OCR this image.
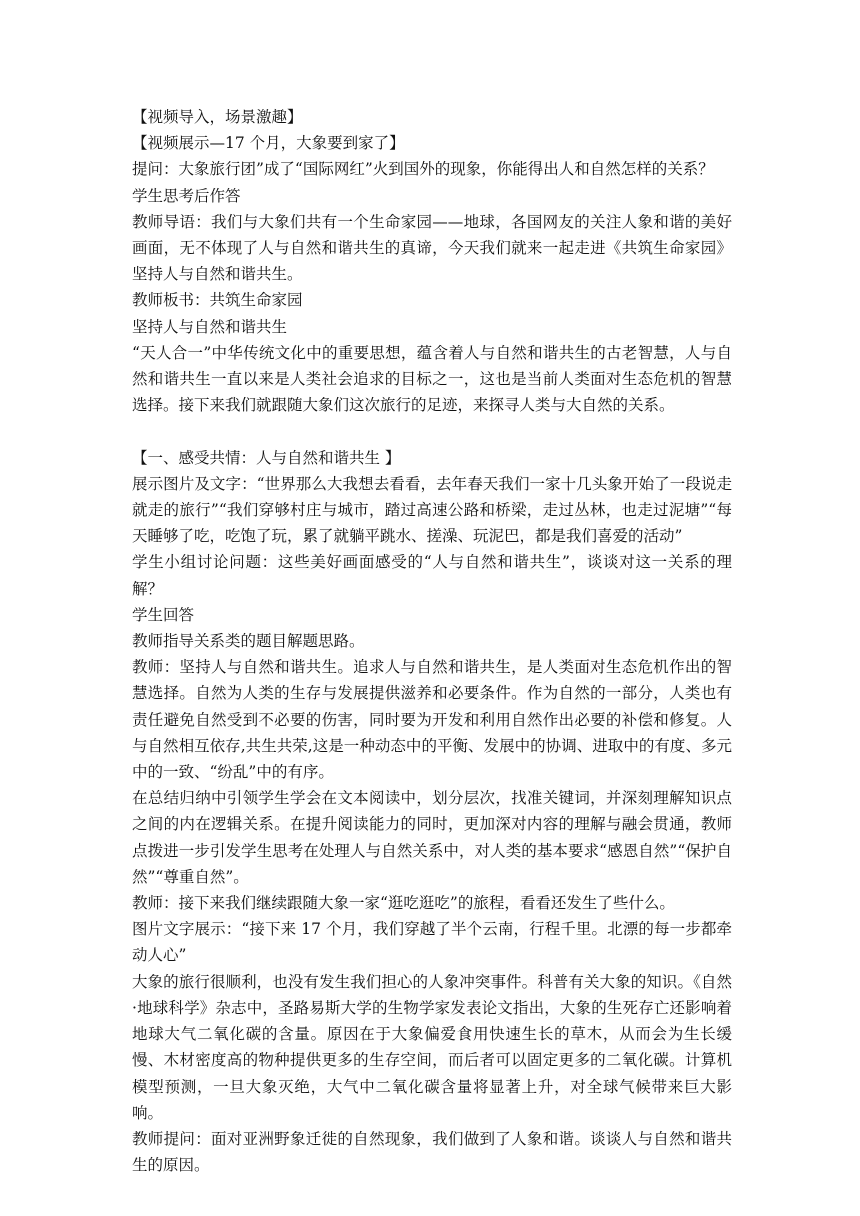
【视频导入，场景激趣】

【视频展示—17 个月，大象要到家了】

提问：大象旅行团”成了“国际网红”火到国外的现象，你能得出人和自然怎样的关系？

学生思考后作答

教师导语：我们与大象们共有一个生命家园——地球，各国网友的关注人象和谐的美好画面，无不体现了人与自然和谐共生的真谛，今天我们就来一起走进《共筑生命家园》坚持人与自然和谐共生。

教师板书：共筑生命家园

坚持人与自然和谐共生

“天人合一”中华传统文化中的重要思想，蕴含着人与自然和谐共生的古老智慧，人与自然和谐共生一直以来是人类社会追求的目标之一，这也是当前人类面对生态危机的智慧选择。接下来我们就跟随大象们这次旅行的足迹，来探寻人类与大自然的关系。

【一、感受共情：人与自然和谐共生 】

展示图片及文字：“世界那么大我想去看看，去年春天我们一家十几头象开始了一段说走就走的旅行”“我们穿够村庄与城市，踏过高速公路和桥梁，走过丛林，也走过泥塘”“每天睡够了吃，吃饱了玩，累了就躺平跳水、搓澡、玩泥巴，都是我们喜爱的活动”

学生小组讨论问题：这些美好画面感受的“人与自然和谐共生”，谈谈对这一关系的理解？

学生回答

教师指导关系类的题目解题思路。

教师：坚持人与自然和谐共生。追求人与自然和谐共生，是人类面对生态危机作出的智慧选择。自然为人类的生存与发展提供滋养和必要条件。作为自然的一部分，人类也有责任避免自然受到不必要的伤害，同时要为开发和利用自然作出必要的补偿和修复。人与自然相互依存,共生共荣,这是一种动态中的平衡、发展中的协调、进取中的有度、多元中的一致、“纷乱”中的有序。

在总结归纳中引领学生学会在文本阅读中，划分层次，找准关键词，并深刻理解知识点之间的内在逻辑关系。在提升阅读能力的同时，更加深对内容的理解与融会贯通，教师点拨进一步引发学生思考在处理人与自然关系中，对人类的基本要求“感恩自然”“保护自然”“尊重自然”。

教师：接下来我们继续跟随大象一家“逛吃逛吃”的旅程，看看还发生了些什么。

图片文字展示：“接下来 17 个月，我们穿越了半个云南，行程千里。北漂的每一步都牵动人心”

大象的旅行很顺利，也没有发生我们担心的人象冲突事件。科普有关大象的知识。《自然·地球科学》杂志中，圣路易斯大学的生物学家发表论文指出，大象的生死存亡还影响着地球大气二氧化碳的含量。原因在于大象偏爱食用快速生长的草木，从而会为生长缓慢、木材密度高的物种提供更多的生存空间，而后者可以固定更多的二氧化碳。计算机模型预测，一旦大象灭绝，大气中二氧化碳含量将显著上升，对全球气候带来巨大影响。

教师提问：面对亚洲野象迁徙的自然现象，我们做到了人象和谐。谈谈人与自然和谐共生的原因。
